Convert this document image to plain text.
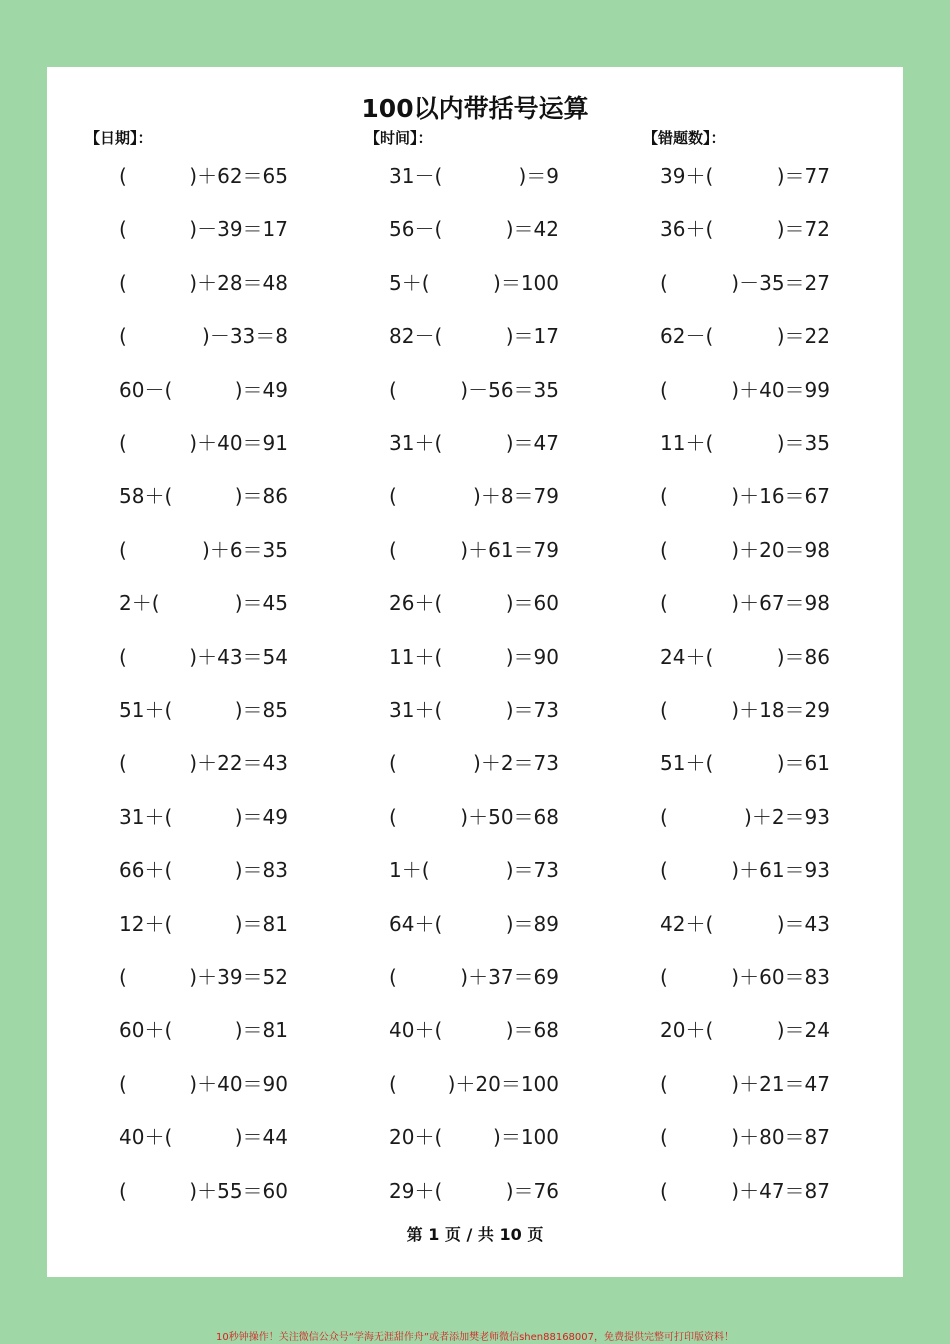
100以内带括号运算
【日期】：	【时间】：	【错题数】：
(	)＋62＝65
(	)－39＝17
(	)＋28＝48
(	)－33＝8
60－(	)＝49
(	)＋40＝91
58＋(	)＝86
(	)＋6＝35
2＋(	)＝45
(	)＋43＝54
51＋(	)＝85
(	)＋22＝43
31＋(	)＝49
66＋(	)＝83
12＋(	)＝81
(	)＋39＝52
60＋(	)＝81
(	)＋40＝90
40＋(	)＝44
(	)＋55＝60
31－(	)＝9
56－(	)＝42
5＋(	)＝100
82－(	)＝17
(	)－56＝35
31＋(	)＝47
(	)＋8＝79
(	)＋61＝79
26＋(	)＝60
11＋(	)＝90
31＋(	)＝73
(	)＋2＝73
(	)＋50＝68
1＋(	)＝73
64＋(	)＝89
(	)＋37＝69
40＋(	)＝68
(	)＋20＝100
20＋(	)＝100
29＋(	)＝76
39＋(	)＝77
36＋(	)＝72
(	)－35＝27
62－(	)＝22
(	)＋40＝99
11＋(	)＝35
(	)＋16＝67
(	)＋20＝98
(	)＋67＝98
24＋(	)＝86
(	)＋18＝29
51＋(	)＝61
(	)＋2＝93
(	)＋61＝93
42＋(	)＝43
(	)＋60＝83
20＋(	)＝24
(	)＋21＝47
(	)＋80＝87
(	)＋47＝87
第 1 页 / 共 10 页
10秒钟操作！关注微信公众号“学海无涯甜作舟”或者添加樊老师微信shen88168007，免费提供完整可打印版资料！
